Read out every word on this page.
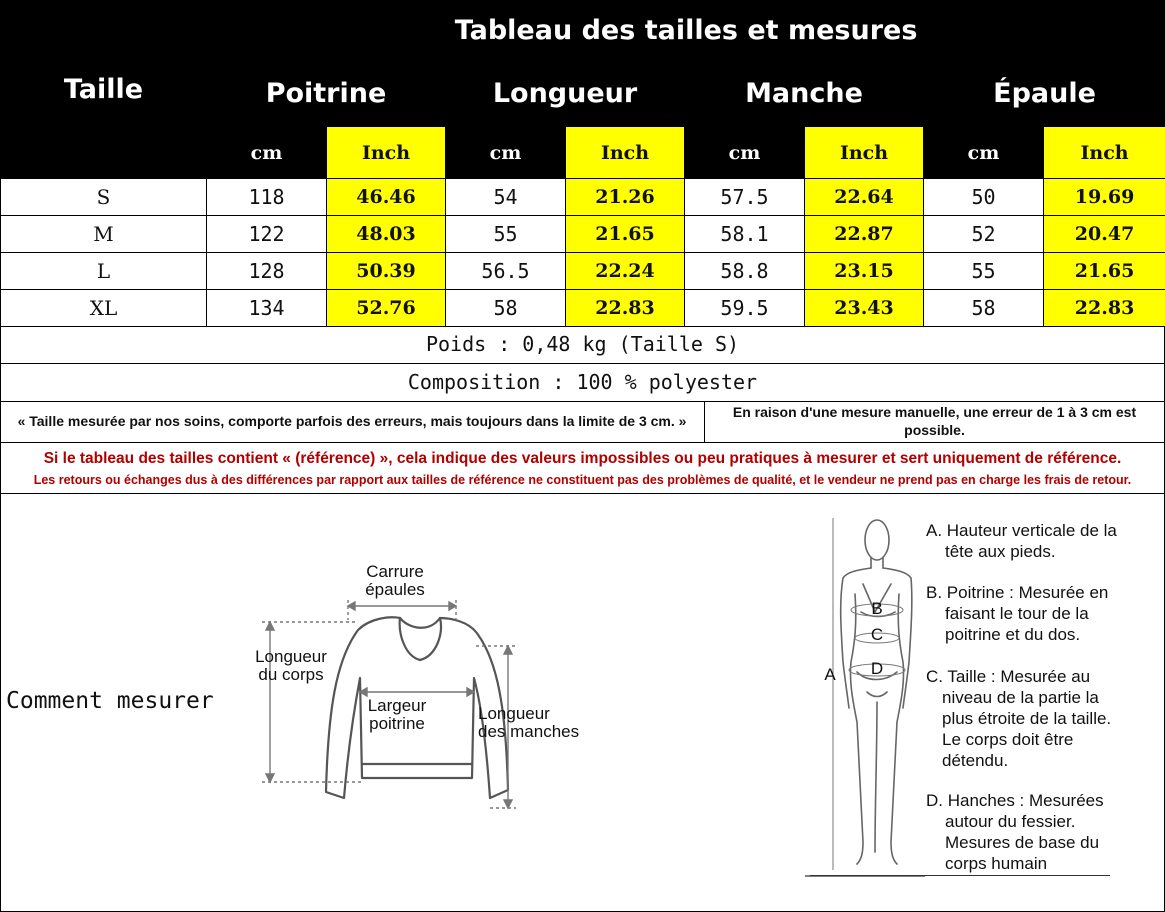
Taille	Tableau des tailles et mesures							
	Poitrine		Longueur		Manche		Épaule	
	cm	Inch	cm	Inch	cm	Inch	cm	Inch
S	118	46.46	54	21.26	57.5	22.64	50	19.69
M	122	48.03	55	21.65	58.1	22.87	52	20.47
L	128	50.39	56.5	22.24	58.8	23.15	55	21.65
XL	134	52.76	58	22.83	59.5	23.43	58	22.83
Poids : 0,48 kg (Taille S)
Composition : 100 % polyester
« Taille mesurée par nos soins, comporte parfois des erreurs, mais toujours dans la limite de 3 cm. »
En raison d'une mesure manuelle, une erreur de 1 à 3 cm est possible.
Si le tableau des tailles contient « (référence) », cela indique des valeurs impossibles ou peu pratiques à mesurer et sert uniquement de référence.
Les retours ou échanges dus à des différences par rapport aux tailles de référence ne constituent pas des problèmes de qualité, et le vendeur ne prend pas en charge les frais de retour.
Comment mesurer
Carrure
épaules
Longueur
du corps
Largeur
poitrine
Longueur
des manches
A
B
C
D
A. Hauteur verticale de la
tête aux pieds.
B. Poitrine : Mesurée en
faisant le tour de la
poitrine et du dos.
C. Taille : Mesurée au
niveau de la partie la
plus étroite de la taille.
Le corps doit être
détendu.
D. Hanches : Mesurées
autour du fessier.
Mesures de base du
corps humain
